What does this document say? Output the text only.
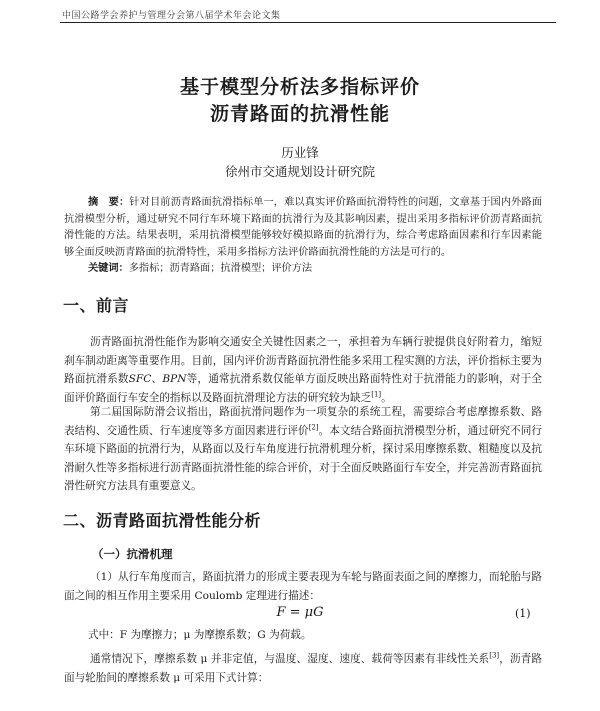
中国公路学会养护与管理分会第八届学术年会论文集
基于模型分析法多指标评价
沥青路面的抗滑性能
历业锋
徐州市交通规划设计研究院
摘　要：针对目前沥青路面抗滑指标单一，难以真实评价路面抗滑特性的问题，文章基于国内外路面抗滑模型分析，通过研究不同行车环境下路面的抗滑行为及其影响因素，提出采用多指标评价沥青路面抗滑性能的方法。结果表明，采用抗滑模型能够较好模拟路面的抗滑行为，综合考虑路面因素和行车因素能够全面反映沥青路面的抗滑特性，采用多指标方法评价路面抗滑性能的方法是可行的。
关键词：多指标；沥青路面；抗滑模型；评价方法
一、前言
沥青路面抗滑性能作为影响交通安全关键性因素之一，承担着为车辆行驶提供良好附着力，缩短刹车制动距离等重要作用。目前，国内评价沥青路面抗滑性能多采用工程实测的方法，评价指标主要为路面抗滑系数SFC、BPN等，通常抗滑系数仅能单方面反映出路面特性对于抗滑能力的影响，对于全面评价路面行车安全的指标以及路面抗滑理论方法的研究较为缺乏[1]。
第二届国际防滑会议指出，路面抗滑问题作为一项复杂的系统工程，需要综合考虑摩擦系数、路表结构、交通性质、行车速度等多方面因素进行评价[2]。本文结合路面抗滑模型分析，通过研究不同行车环境下路面的抗滑行为，从路面以及行车角度进行抗滑机理分析，探讨采用摩擦系数、粗糙度以及抗滑耐久性等多指标进行沥青路面抗滑性能的综合评价，对于全面反映路面行车安全，并完善沥青路面抗滑性研究方法具有重要意义。
二、沥青路面抗滑性能分析
（一）抗滑机理
（1）从行车角度而言，路面抗滑力的形成主要表现为车轮与路面表面之间的摩擦力，而轮胎与路面之间的相互作用主要采用 Coulomb 定理进行描述：
F = μG	(1)
式中：F 为摩擦力；μ 为摩擦系数；G 为荷载。
通常情况下，摩擦系数 μ 并非定值，与温度、湿度、速度、载荷等因素有非线性关系[3]，沥青路面与轮胎间的摩擦系数 μ 可采用下式计算：
